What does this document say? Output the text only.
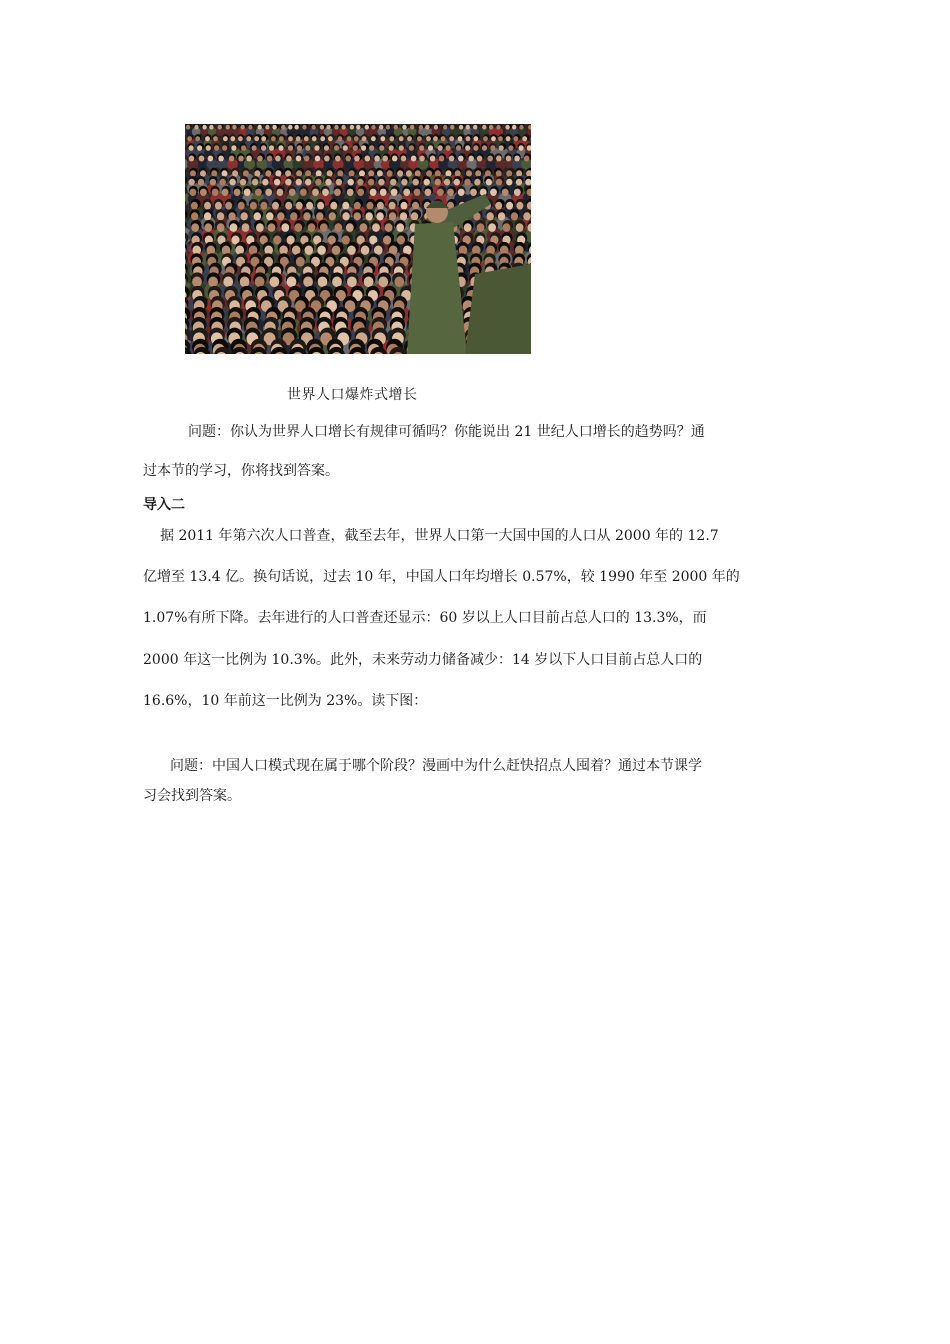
世界人口爆炸式增长
问题：你认为世界人口增长有规律可循吗？你能说出 21 世纪人口增长的趋势吗？通
过本节的学习，你将找到答案。
导入二
据 2011 年第六次人口普查，截至去年，世界人口第一大国中国的人口从 2000 年的 12.7
亿增至 13.4 亿。换句话说，过去 10 年，中国人口年均增长 0.57%，较 1990 年至 2000 年的
1.07%有所下降。去年进行的人口普查还显示：60 岁以上人口目前占总人口的 13.3%，而
2000 年这一比例为 10.3%。此外，未来劳动力储备减少：14 岁以下人口目前占总人口的
16.6%，10 年前这一比例为 23%。读下图：
问题：中国人口模式现在属于哪个阶段？漫画中为什么赶快招点人囤着？通过本节课学
习会找到答案。
